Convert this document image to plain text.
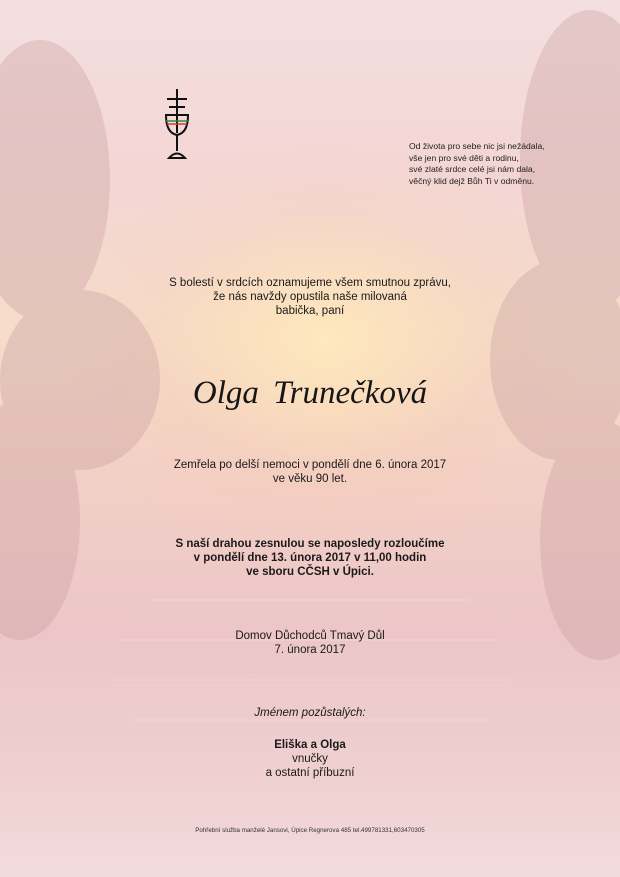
Od života pro sebe nic jsi nežádala,
vše jen pro své děti a rodinu,
své zlaté srdce celé jsi nám dala,
věčný klid dejž Bůh Ti v odměnu.
S bolestí v srdcích oznamujeme všem smutnou zprávu,
že nás navždy opustila naše milovaná
babička, paní
Olga Trunečková
Zemřela po delší nemoci v pondělí dne 6. února 2017
ve věku 90 let.
S naší drahou zesnulou se naposledy rozloučíme
v pondělí dne 13. února 2017 v 11,00 hodin
ve sboru CČSH v Úpici.
Domov Důchodců Tmavý Důl
7. února 2017
Jménem pozůstalých:
Eliška a Olga
vnučky
a ostatní příbuzní
Pohřební služba manželé Jansovi, Úpice Regnerova 485 tel.499781331,603470305
